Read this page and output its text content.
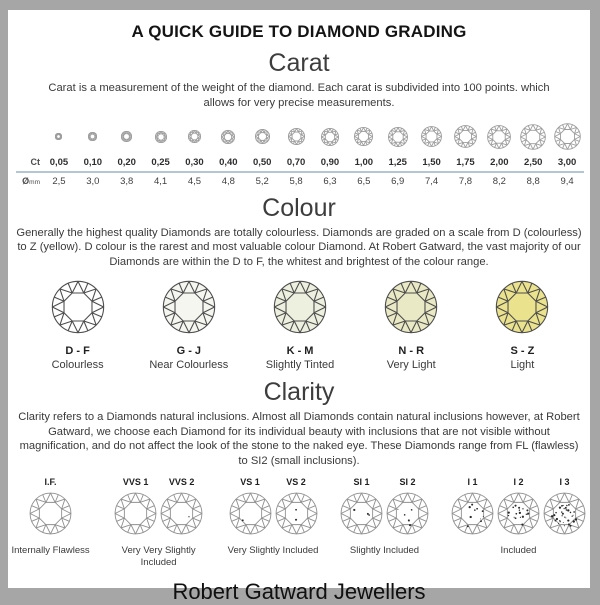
A QUICK GUIDE TO DIAMOND GRADING
Carat

Carat is a measurement of the weight of the diamond. Each carat is subdivided into 100 points. which allows for very precise measurements.

Ct	0,05	0,10	0,20	0,25	0,30	0,40	0,50	0,70	0,90	1,00	1,25	1,50	1,75	2,00	2,50	3,00
Ømm	2,5	3,0	3,8	4,1	4,5	4,8	5,2	5,8	6,3	6,5	6,9	7,4	7,8	8,2	8,8	9,4
Colour

Generally the highest quality Diamonds are totally colourless. Diamonds are graded on a scale from D (colourless) to Z (yellow). D colour is the rarest and most valuable colour Diamond. At Robert Gatward, the vast majority of our Diamonds are within the D to F, the whitest and brightest of the colour range.

D - F
Colourless
G - J
Near Colourless
K - M
Slightly Tinted
N - R
Very Light
S - Z
Light
Clarity

Clarity refers to a Diamonds natural inclusions. Almost all Diamonds contain natural inclusions however, at Robert Gatward, we choose each Diamond for its individual beauty with inclusions that are not visible without magnification, and do not affect the look of the stone to the naked eye. These Diamonds range from FL (flawless) to SI2 (small inclusions).

I.F.
Internally Flawless
VVS 1	VVS 2
Very Very Slightly Included
VS 1	VS 2
Very Slightly Included
SI 1	SI 2
Slightly Included
I 1	I 2	I 3
Included
Robert Gatward Jewellers
